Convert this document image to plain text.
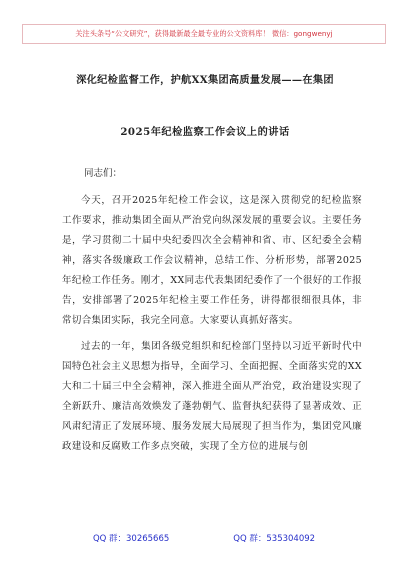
关注头条号“公文研究”，获得最新最全最专业的公文资料库！ 微信：gongwenyj
深化纪检监督工作，护航XX集团高质量发展——在集团
2025年纪检监察工作会议上的讲话

同志们：

今天，召开2025年纪检工作会议，这是深入贯彻党的纪检监察工作要求，推动集团全面从严治党向纵深发展的重要会议。主要任务是，学习贯彻二十届中央纪委四次全会精神和省、市、区纪委全会精神，落实各级廉政工作会议精神，总结工作、分析形势，部署2025年纪检工作任务。刚才，XX同志代表集团纪委作了一个很好的工作报告，安排部署了2025年纪检主要工作任务，讲得都很细很具体，非常切合集团实际，我完全同意。大家要认真抓好落实。

过去的一年，集团各级党组织和纪检部门坚持以习近平新时代中国特色社会主义思想为指导，全面学习、全面把握、全面落实党的XX大和二十届三中全会精神，深入推进全面从严治党，政治建设实现了全新跃升、廉洁高效焕发了蓬勃朝气、监督执纪获得了显著成效、正风肃纪清正了发展环境、服务发展大局展现了担当作为，集团党风廉政建设和反腐败工作多点突破，实现了全方位的进展与创

QQ 群：30265665	QQ 群：535304092
